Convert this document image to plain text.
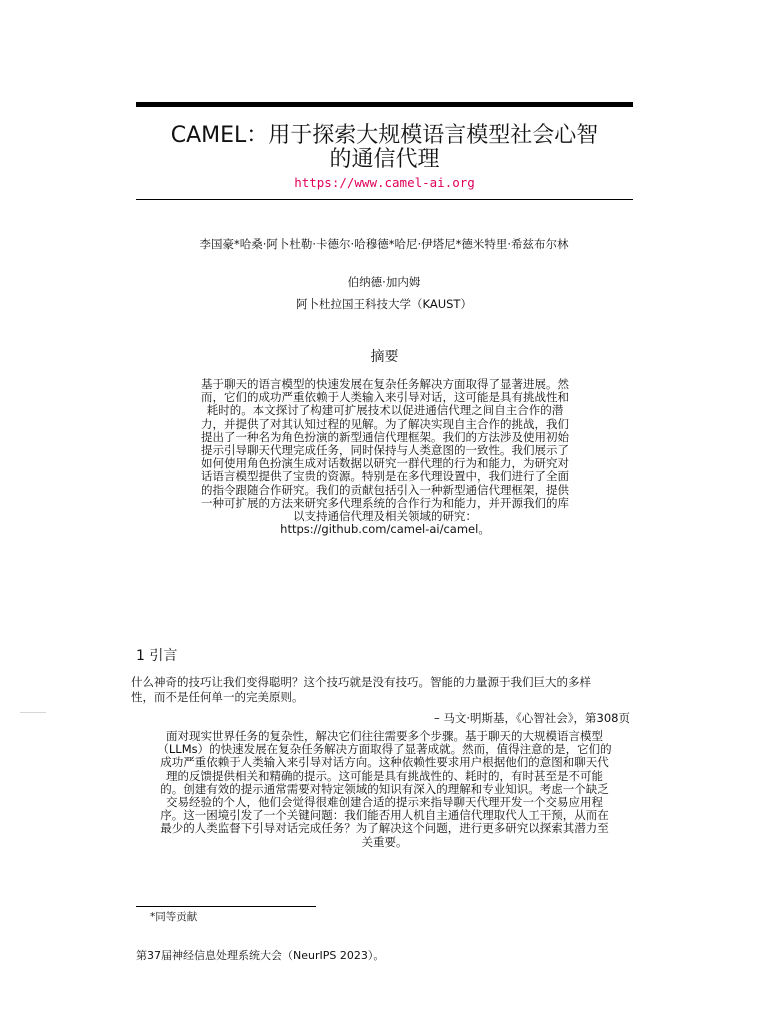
CAMEL：用于探索大规模语言模型社会心智
的通信代理
https://www.camel-ai.org
李国豪*哈桑·阿卜杜勒·卡德尔·哈穆德*哈尼·伊塔尼*德米特里·希兹布尔林
伯纳德·加内姆
阿卜杜拉国王科技大学（KAUST）
摘要
基于聊天的语言模型的快速发展在复杂任务解决方面取得了显著进展。然
而，它们的成功严重依赖于人类输入来引导对话，这可能是具有挑战性和
耗时的。本文探讨了构建可扩展技术以促进通信代理之间自主合作的潜
力，并提供了对其认知过程的见解。为了解决实现自主合作的挑战，我们
提出了一种名为角色扮演的新型通信代理框架。我们的方法涉及使用初始
提示引导聊天代理完成任务，同时保持与人类意图的一致性。我们展示了
如何使用角色扮演生成对话数据以研究一群代理的行为和能力，为研究对
话语言模型提供了宝贵的资源。特别是在多代理设置中，我们进行了全面
的指令跟随合作研究。我们的贡献包括引入一种新型通信代理框架，提供
一种可扩展的方法来研究多代理系统的合作行为和能力，并开源我们的库
以支持通信代理及相关领域的研究：
https://github.com/camel-ai/camel。
1 引言
什么神奇的技巧让我们变得聪明？这个技巧就是没有技巧。智能的力量源于我们巨大的多样
性，而不是任何单一的完美原则。
– 马文·明斯基，《心智社会》，第308页
面对现实世界任务的复杂性，解决它们往往需要多个步骤。基于聊天的大规模语言模型
（LLMs）的快速发展在复杂任务解决方面取得了显著成就。然而，值得注意的是，它们的
成功严重依赖于人类输入来引导对话方向。这种依赖性要求用户根据他们的意图和聊天代
理的反馈提供相关和精确的提示。这可能是具有挑战性的、耗时的，有时甚至是不可能
的。创建有效的提示通常需要对特定领域的知识有深入的理解和专业知识。考虑一个缺乏
交易经验的个人，他们会觉得很难创建合适的提示来指导聊天代理开发一个交易应用程
序。这一困境引发了一个关键问题：我们能否用人机自主通信代理取代人工干预，从而在
最少的人类监督下引导对话完成任务？为了解决这个问题，进行更多研究以探索其潜力至
关重要。
*同等贡献
第37届神经信息处理系统大会（NeurIPS 2023）。
